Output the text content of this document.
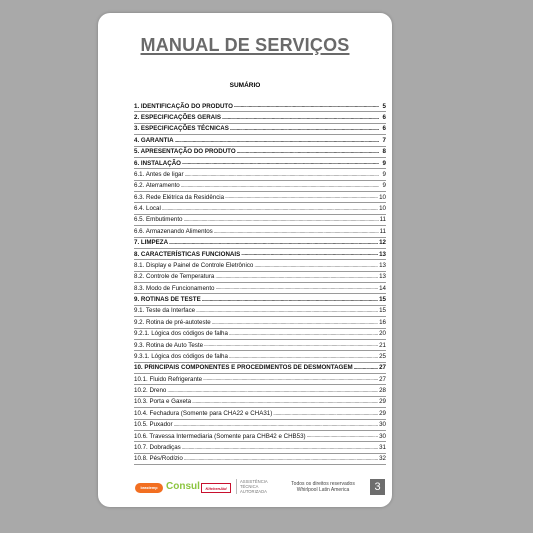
MANUAL DE SERVIÇOS
SUMÁRIO
1. IDENTIFICAÇÃO DO PRODUTO .....	5
2. ESPECIFICAÇÕES GERAIS .....	6
3. ESPECIFICAÇÕES TÉCNICAS .....	6
4. GARANTIA .....	7
5. APRESENTAÇÃO DO PRODUTO .....	8
6. INSTALAÇÃO .....	9
6.1. Antes de ligar .....	9
6.2. Aterramento .....	9
6.3. Rede Elétrica da Residência .....	10
6.4. Local .....	10
6.5. Embutimento .....	11
6.6. Armazenando Alimentos .....	11
7. LIMPEZA .....	12
8. CARACTERÍSTICAS FUNCIONAIS .....	13
8.1. Display e Painel de Controle Eletrônico .....	13
8.2. Controle de Temperatura .....	13
8.3. Modo de Funcionamento .....	14
9. ROTINAS DE TESTE .....	15
9.1. Teste da Interface .....	15
9.2. Rotina de pré-autoteste .....	16
9.2.1. Lógica dos códigos de falha .....	20
9.3. Rotina de Auto Teste .....	21
9.3.1. Lógica dos códigos de falha .....	25
10. PRINCIPAIS COMPONENTES E PROCEDIMENTOS DE DESMONTAGEM .....	27
10.1. Fluido Refrigerante .....	27
10.2. Dreno .....	28
10.3. Porta e Gaxeta .....	29
10.4. Fechadura (Somente para CHA22 e CHA31) .....	29
10.5. Puxador .....	30
10.6. Travessa Intermediaria (Somente para CHB42 e CHB53) .....	30
10.7. Dobradiças .....	31
10.8. Pés/Rodízio .....	32
brastemp Consul	KitchenAid
ASSISTÊNCIA TÉCNICA AUTORIZADA
Todos os direitos reservados
Whirlpool Latin America	3
